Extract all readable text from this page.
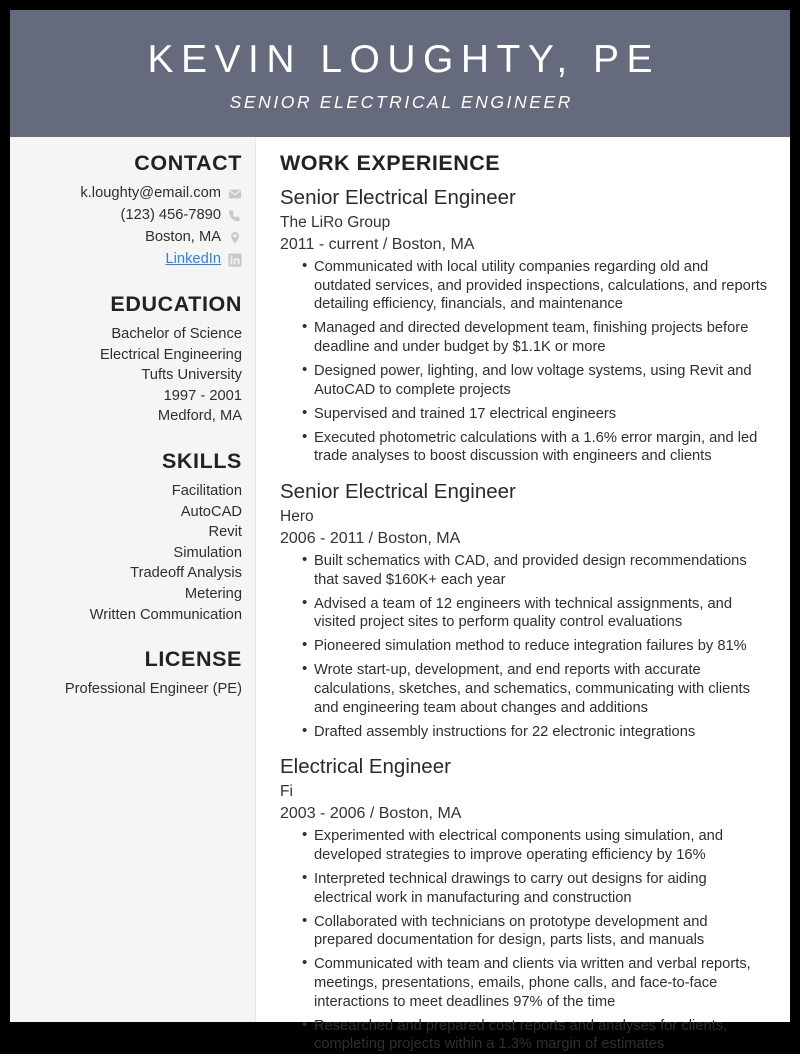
KEVIN LOUGHTY, PE
SENIOR ELECTRICAL ENGINEER
CONTACT
k.loughty@email.com
(123) 456-7890
Boston, MA
LinkedIn
EDUCATION
Bachelor of Science
Electrical Engineering
Tufts University
1997 - 2001
Medford, MA
SKILLS
Facilitation
AutoCAD
Revit
Simulation
Tradeoff Analysis
Metering
Written Communication
LICENSE
Professional Engineer (PE)
WORK EXPERIENCE
Senior Electrical Engineer
The LiRo Group
2011 - current / Boston, MA
• Communicated with local utility companies regarding old and outdated services, and provided inspections, calculations, and reports detailing efficiency, financials, and maintenance
• Managed and directed development team, finishing projects before deadline and under budget by $1.1K or more
• Designed power, lighting, and low voltage systems, using Revit and AutoCAD to complete projects
• Supervised and trained 17 electrical engineers
• Executed photometric calculations with a 1.6% error margin, and led trade analyses to boost discussion with engineers and clients
Senior Electrical Engineer
Hero
2006 - 2011 / Boston, MA
• Built schematics with CAD, and provided design recommendations that saved $160K+ each year
• Advised a team of 12 engineers with technical assignments, and visited project sites to perform quality control evaluations
• Pioneered simulation method to reduce integration failures by 81%
• Wrote start-up, development, and end reports with accurate calculations, sketches, and schematics, communicating with clients and engineering team about changes and additions
• Drafted assembly instructions for 22 electronic integrations
Electrical Engineer
Fi
2003 - 2006 / Boston, MA
• Experimented with electrical components using simulation, and developed strategies to improve operating efficiency by 16%
• Interpreted technical drawings to carry out designs for aiding electrical work in manufacturing and construction
• Collaborated with technicians on prototype development and prepared documentation for design, parts lists, and manuals
• Communicated with team and clients via written and verbal reports, meetings, presentations, emails, phone calls, and face-to-face interactions to meet deadlines 97% of the time
• Researched and prepared cost reports and analyses for clients, completing projects within a 1.3% margin of estimates
